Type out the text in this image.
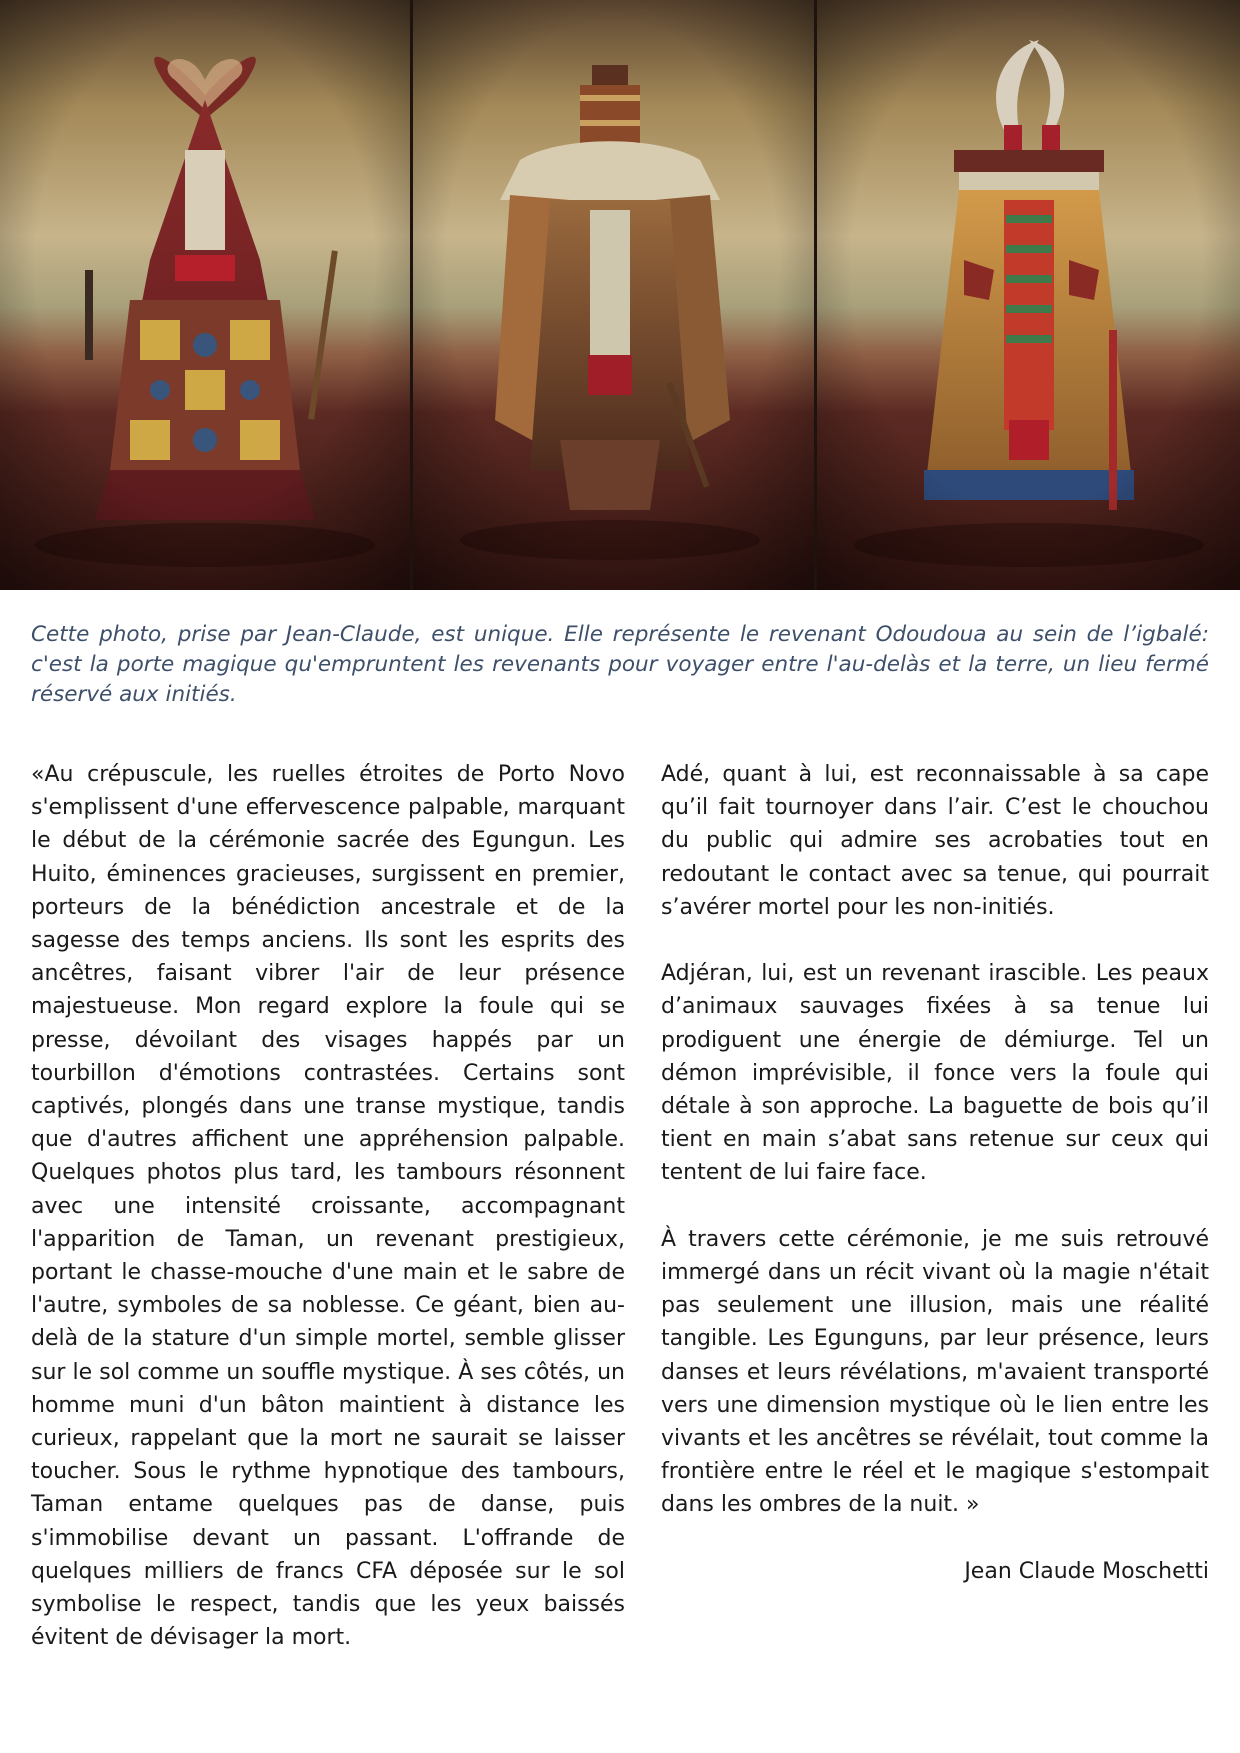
Cette photo, prise par Jean-Claude, est unique. Elle représente le revenant Odoudoua au sein de l’igbalé: c'est la porte magique qu'empruntent les revenants pour voyager entre l'au-delàs et la terre, un lieu fermé réservé aux initiés.

«Au crépuscule, les ruelles étroites de Porto Novo s'emplissent d'une effervescence palpable, marquant le début de la cérémonie sacrée des Egungun. Les Huito, éminences gracieuses, surgissent en premier, porteurs de la bénédiction ancestrale et de la sagesse des temps anciens. Ils sont les esprits des ancêtres, faisant vibrer l'air de leur présence majestueuse. Mon regard explore la foule qui se presse, dévoilant des visages happés par un tourbillon d'émotions contrastées. Certains sont captivés, plongés dans une transe mystique, tandis que d'autres affichent une appréhension palpable. Quelques photos plus tard, les tambours résonnent avec une intensité croissante, accompagnant l'apparition de Taman, un revenant prestigieux, portant le chasse-mouche d'une main et le sabre de l'autre, symboles de sa noblesse. Ce géant, bien au-delà de la stature d'un simple mortel, semble glisser sur le sol comme un souffle mystique. À ses côtés, un homme muni d'un bâton maintient à distance les curieux, rappelant que la mort ne saurait se laisser toucher. Sous le rythme hypnotique des tambours, Taman entame quelques pas de danse, puis s'immobilise devant un passant. L'offrande de quelques milliers de francs CFA déposée sur le sol symbolise le respect, tandis que les yeux baissés évitent de dévisager la mort.

Adé, quant à lui, est reconnaissable à sa cape qu’il fait tournoyer dans l’air. C’est le chouchou du public qui admire ses acrobaties tout en redoutant le contact avec sa tenue, qui pourrait s’avérer mortel pour les non-initiés.

Adjéran, lui, est un revenant irascible. Les peaux d’animaux sauvages fixées à sa tenue lui prodiguent une énergie de démiurge. Tel un démon imprévisible, il fonce vers la foule qui détale à son approche. La baguette de bois qu’il tient en main s’abat sans retenue sur ceux qui tentent de lui faire face.

À travers cette cérémonie, je me suis retrouvé immergé dans un récit vivant où la magie n'était pas seulement une illusion, mais une réalité tangible. Les Egunguns, par leur présence, leurs danses et leurs révélations, m'avaient transporté vers une dimension mystique où le lien entre les vivants et les ancêtres se révélait, tout comme la frontière entre le réel et le magique s'estompait dans les ombres de la nuit. »

Jean Claude Moschetti
